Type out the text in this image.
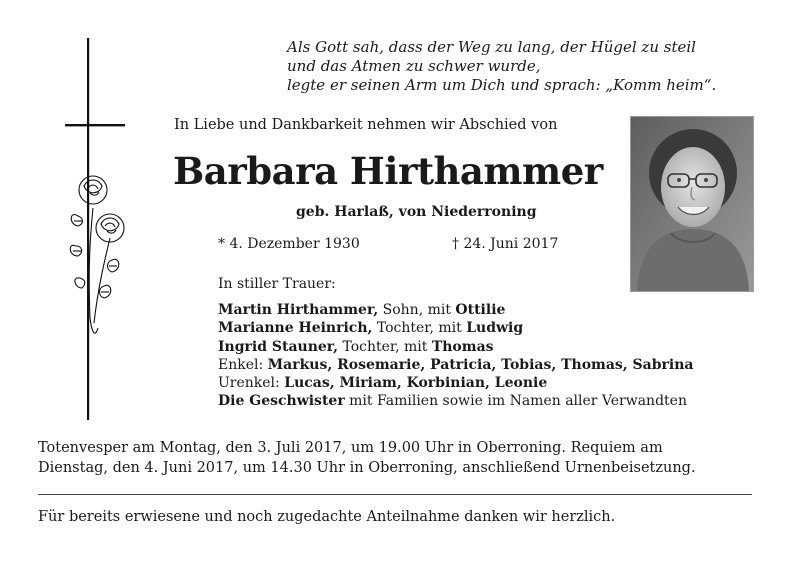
Als Gott sah, dass der Weg zu lang, der Hügel zu steil
und das Atmen zu schwer wurde,
legte er seinen Arm um Dich und sprach: „Komm heim“.
In Liebe und Dankbarkeit nehmen wir Abschied von
Barbara Hirthammer
geb. Harlaß, von Niederroning
* 4. Dezember 1930	† 24. Juni 2017
In stiller Trauer:
Martin Hirthammer, Sohn, mit Ottilie
Marianne Heinrich, Tochter, mit Ludwig
Ingrid Stauner, Tochter, mit Thomas
Enkel: Markus, Rosemarie, Patricia, Tobias, Thomas, Sabrina
Urenkel: Lucas, Miriam, Korbinian, Leonie
Die Geschwister mit Familien sowie im Namen aller Verwandten
Totenvesper am Montag, den 3. Juli 2017, um 19.00 Uhr in Oberroning. Requiem am
Dienstag, den 4. Juni 2017, um 14.30 Uhr in Oberroning, anschließend Urnenbeisetzung.
Für bereits erwiesene und noch zugedachte Anteilnahme danken wir herzlich.
